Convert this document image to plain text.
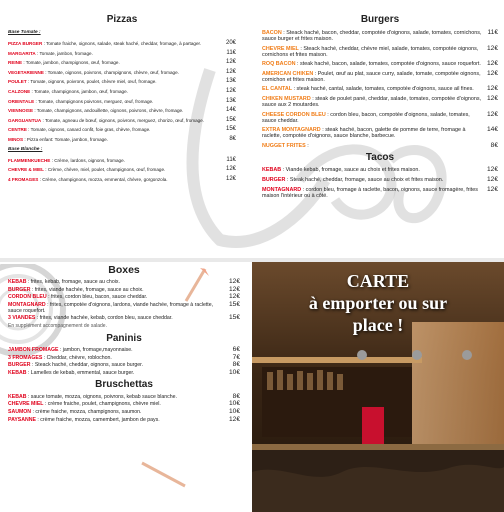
Pizzas
Base Tomate :
PIZZA BURGER : Tomate fraiche, oignons, salade, steak haché, cheddar, fromage, à partager.	20€
MARGARITA : Tomate, jambon, fromage.	11€
REINE : Tomate, jambon, champignons, œuf, fromage.	12€
VEGETARIENNE : Tomate, oignons, poivrons, champignons, chèvre, œuf, fromage.	12€
POULET : Tomate, oignons, poivrons, poulet, chèvre miel, œuf, fromage.	13€
CALZONE : Tomate, champignons, jambon, œuf, fromage.	12€
ORIENTALE : Tomate, champignons poivrons, merguez, œuf, fromage.	13€
VIENNOISE : Tomate, champignons, andouillette, oignons, poivrons, chèvre, fromage.	14€
GARGUANTUA : Tomate, agneau de bœuf, oignons, poivrons, merguez, chorizo, œuf, fromage.	15€
CENTRE : Tomate, oignons, canard confit, foie gras, chèvre, fromage.	15€
MINOS : Pizza enfant: Tomate, jambon, fromage.	8€
Base Blanche :
FLAMMENKUECHE : Crème, lardons, oignons, fromage.	11€
CHEVRE & MIEL : Crème, chèvre, miel, poulet, champignons, œuf, fromage.	12€
4 FROMAGES : Crème, champignons, mozza, emmental, chèvre, gorgonzola.	12€
Burgers
BACON : Steack haché, bacon, cheddar, compotée d'oignons, salade, tomates, cornichons, sauce burger et frites maison.
11€
CHEVRE MIEL : Steack haché, cheddar, chèvre miel, salade, tomates, compotée oignons, cornichons et frites maison.
12€
ROQ BACON : steak haché, bacon, salade, tomates, compotée d'oignons, sauce roquefort. 12€
AMERICAN CHIKEN : Poulet, œuf au plat, sauce curry, salade, tomate, compotée oignons, cornichon et frites maison.
12€
EL CANTAL : steak haché, cantal, salade, tomates, compotée d'oignons, sauce ail fines.	12€
CHIKEN MUSTARD : steak de poulet pané, cheddar, salade, tomates, compotée d'oignons, sauce aux 2 moutardes.
12€
CHEESE CORDON BLEU : cordon bleu, bacon, compotée d'oignons, salade, tomates, sauce cheddar.
12€
EXTRA MONTAGNARD : steak haché, bacon, galette de pomme de terre, fromage à raclette, compotée d'oignons, sauce blanche, barbecue.
14€
NUGGET FRITES :	8€
Tacos
KEBAB : Viande kebab, fromage, sauce au choix et frites maison.	12€
BURGER : Steak haché, cheddar, fromage, sauce au choix et frites maison.	12€
MONTAGNARD : cordon bleu, fromage à raclette, bacon, oignons, sauce fromagère, frites maison l'intérieur ou à côté.
12€
Boxes
KEBAB : frites, kebab, fromage, sauce au choix.	12€
BURGER : frites, viande hachée, fromage, sauce au choix.	12€
CORDON BLEU : frites, cordon bleu, bacon, sauce cheddar.	12€
MONTAGNARD : frites, compotée d'oignons, lardons, viande hachée, fromage à raclette, sauce roquefort.
15€
3 VIANDES : frites, viande hachée, kebab, cordon bleu, sauce cheddar.	15€
En supplément accompagnement de salade.
Paninis
JAMBON FROMAGE : jambon, fromage,mayonnaise.	6€
3 FROMAGES : Cheddar, chèvre, roblochon.	7€
BURGER : Steack haché, cheddar, oignons, sauce burger.	8€
KEBAB : Lamelles de kebab, emmental, sauce burger.	10€
Bruschettas
KEBAB : sauce tomate, mozza, oignons, poivrons, kebab sauce blanche.	8€
CHEVRE MIEL : crème fraiche, poulet, champignons, chèvre miel.	10€
SAUMON : crème fraiche, mozza, champignons, saumon.	10€
PAYSANNE : crème fraiche, mozza, camembert, jambon de pays.	12€
CARTE
à emporter ou sur
place !
